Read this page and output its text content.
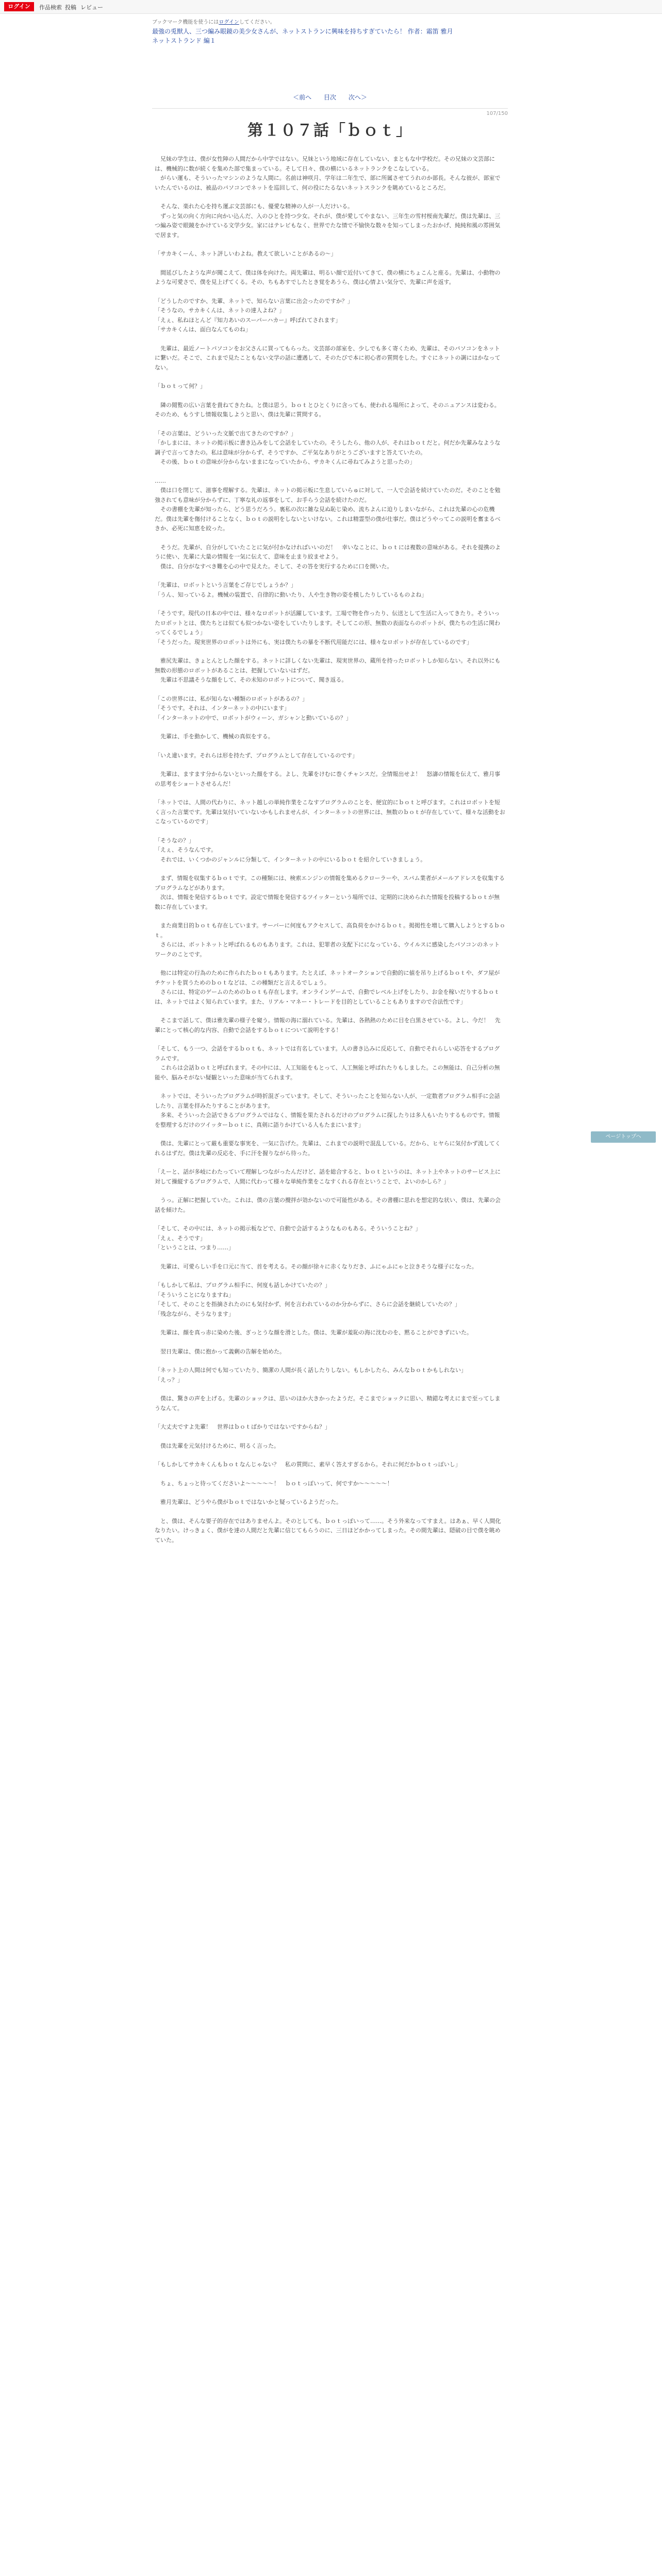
ログイン	作品検索 投稿 レビュー
ブックマーク機能を使うにはログインしてください。
最強の兎獣人、三つ編み眼鏡の美少女さんが、ネットストランに興味を持ちすぎていたら！ 作者：霜笛 雅月
ネットストランド 編１
＜前へ 目次 次へ＞
107/150
第１０７話「ｂｏｔ」

　兄妹の学生は、僕が女性陣の人間だから中学ではない。兄妹という地域に存在していない、まともな中学校だ。その兄妹の文芸部には、機械的に数が続くを集めた部で集まっている。そして日々、僕の横にいるネットランクをこなしている。
　がらい運も、そういったマシンのような人間に。名前は神咲月、学年は二年生で、部に所属させてうれのか部長。そんな彼が、部室でいたんでいるのは、被品のパソコンでネットを巡回して、何の役にたるないネットスランクを眺めているところだ。

　そんな、楽れた心を持ち運ぶ文芸部にも、優愛な精神の人が一人だけいる。
　ずっと気の向く方向に向かい込んだ、入のひとを持つ少女。それが、僕が愛してやまない、三年生の雪村桜南先輩だ。僕は先輩は、三つ編み姿で眼鏡をかけている文学少女。家にはテレビもなく、世界でたな情で不愉快な数々を知ってしまったおかげ、純純和風の雰囲気で居ます。

「サカキくーん、ネット評しいわよね。教えて欲しいことがあるの〜」

　間延びしたような声が聞こえて、僕は体を向けた。両先輩は、明るい顔で近付いてきて、僕の横にちょこんと座る。先輩は、小動物のような可愛さで、僕を見上げてくる。その、ちもあすでしたとき覚をあうら、僕は心情よい気分で、先輩に声を返す。

「どうしたのですか、先輩、ネットで、知らない言葉に出会ったのですか？」
「そうなの。サカキくんは、ネットの達人よね？」
「えぇ、私ねほとんど『知力あいのスーパーハカー』呼ばれてされます」
「サカキくんは、面白なんてものね」

　先輩は、最近ノートパソコンをお父さんに買ってもらった。文芸部の部室を、少しでも多く寄くため、先輩は、そのパソコンをネットに繋いだ。そこで、これまで見たこともない文学の話に遭遇して、そのたびで本に初心者の質問をした。すぐにネットの調にはかなってない。

「ｂｏｔって何？」

　隣の閲覧の広い言葉を貴ねてきたね。と僕は思う。ｂｏｔとひとくりに含っても、使われる場所によって、そのニュアンスは変わる。そのため、もうすし情報収集しようと思い、僕は先輩に質問する。

「その言葉は、どういった文脈で出てきたのですか？」
「かしまには、ネットの掲示板に書き込みをして会話をしていたの。そうしたら、他の人が、それはｂｏｔだと。何だか先輩みなような調子で言ってきたの。私は意味が分からず、そうですか、ご平気なありがとうございますと答えていたの。
　その後、ｂｏｔの意味が分からないままになっていたから、サカキくんに尋ねてみようと思ったの」

……
　僕は口を閉じて、滋事を理解する。先輩は、ネットの掲示板に生息していらゅに対して、一人で会話を続けていたのだ。そのことを勉強されても意味が分からずに、丁寧な礼の返事をして、お手らう会話を続けたのだ。
　その書棚を先輩が知ったら、どう思うだろう。裏私の次に雑な見ぬ恥じ染め、流ちよんに迫りしまいながら、これは先輩の心の危機だ。僕は先輩を傷付けることなく、ｂｏｔの説明をしないといけない。これは精霊型の僕が仕事だ。僕はどうやってこの説明を奮まるべきか、必死に知恵を絞った。

　そうだ。先輩が、自分がしていたことに気が付かなければいいのだ！　幸いなことに、ｂｏｔには複数の意味がある。それを提携のように使い、先輩に大量の情報を一気に伝えて、意味を止まり絞ませよう。
　僕は、自分がなすべき難を心の中で見えた。そして、その答を実行するために口を開いた。

「先輩は、ロボットという言葉をご存じでしょうか？」
「うん、知っているよ。機械の装置で、自律的に動いたり、人や生き物の姿を模したりしているものよね」

「そうです。現代の日本の中では、様々なロボットが活躍しています。工場で物を作ったり、伝送として生活に入ってきたり。そういったロボットとは、僕たちとは似ても似つかない姿をしていたりします。そしてこの形、無数の表面ならのボットが、僕たちの生活に関わってくるでしょう」
「そうだった。現実世界のロボットは外にも、実は僕たちの暴を不断代用能だには、様々なロボットが存在しているのです」

　雅尻先輩は、きょとんとした顔をする。ネットに詳しくない先輩は、現実世界の、蔵所を持ったロボットしか知らない。それ以外にも無数の形態のロボットがあることは、把握していないはずだ。
　先輩は不思議そうな顔をして、その未知のロボットについて、聞き返る。

「この世界には、私が知らない種類のロボットがあるの？」
「そうです。それは、インターネットの中にいます」
「インターネットの中で、ロボットがウィーン、ガシャンと動いているの？」

　先輩は、手を動かして、機械の真似をする。

「いえ違います。それらは形を持たず、プログラムとして存在しているのです」

　先輩は、ますます分からないといった顔をする。よし、先輩をけむに巻くチャンスだ。全情報出せよ！　怒濤の情報を伝えて、雅月事の思考をショートさせるんだ！

「ネットでは、人間の代わりに、ネット越しの単純作業をこなすプログラムのことを、便宜的にｂｏｔと呼びます。これはロボットを短く言った言葉です。先輩は気付いていないかもしれませんが、インターネットの世界には、無数のｂｏｔが存在していて、様々な活動をおこなっているのです」

「そうなの？」
「えぇ、そうなんです。
　それでは、いくつかのジャンルに分類して、インターネットの中にいるｂｏｔを紹介していきましょう。

　まず、情報を収集するｂｏｔです。この種類には、検索エンジンの情報を集めるクローラーや、スパム業者がメールアドレスを収集するプログラムなどがあります。
　次は、情報を発信するｂｏｔです。設定で情報を発信するツイッターという場所では、定期的に決められた情報を投稿するｂｏｔが無数に存在しています。

　また商業目的ｂｏｔも存在しています。サーバーに何度もアクセスして、高負荷をかけるｂｏｔ。掲掲性を増して購入しようとするｂｏｔ。
　さらには、ボットネットと呼ばれるものもあります。これは、犯罪者の支配下にになっている、ウイルスに感染したパソコンのネットワークのことです。

　他には特定の行為のために作られたｂｏｔもあります。たとえば、ネットオークションで自動的に値を吊り上げるｂｏｔや、ダフ屋がチケットを買うためのｂｏｔなどは、この種類だと言えるでしょう。
　さらには、特定のゲームのためのｂｏｔも存在します。オンラインゲームで、自動でレベル上げをしたり、お金を稼いだりするｂｏｔは、ネットではよく知られています。また、リアル・マネー・トレードを目的としていることもありますので合法性です」

　そこまで話して、僕は雅先輩の様子を窺う。情報の海に溺れている。先輩は、各熱熱のために目を白黒させている。よし、今だ！　先輩にとって核心的な内容、自動で会話をするｂｏｔについて説明をする！

「そして、もう一つ、会話をするｂｏｔも、ネットでは有名しています。人の書き込みに反応して、自動でそれらしい応答をするプログラムです。
　これらは会話ｂｏｔと呼ばれます。その中には、人工知能をもとって、人工無能と呼ばれたりもしました。この無能は、自己分析の無能や、脳みそがない疑観といった意味が当てられます。

　ネットでは、そういったプログラムが時折混ざっています。そして、そういったことを知らない人が、一定数者プログラム相手に会話したり、言葉を拝みたりすることがあります。
　多来、そういった会話できるプログラムではなく、情報を果たされるだけのプログラムに探したりは多人もいたりするものです。情報を整理するだけのツイッターｂｏｔに、真剣に語りかけている人もたまにいます」

　僕は、先輩にとって厳も重要な事実を、一気に告げた。先輩は、これまでの説明で混乱している。だから、ヒヤらに気付かず流してくれるはずだ。僕は先輩の反応を、手に汗を握りながら待った。

「えーと、話が多岐にわたっていて理解しつながったんだけど、話を総合すると、ｂｏｔというのは、ネット上やネットのサービス上に対して操縦するプログラムで、人間に代わって様々な単純作業をこなすくれる存在ということで、よいのかしら？」

　うっ。正解に把握していた。これは、僕の言葉の攪拌が効かないので可能性がある。その書棚に思れを想定的な状い、僕は、先輩の会話を傾けた。

「そして、その中には、ネットの掲示板などで、自動で会話するようなものもある。そういうことね？」
「えぇ、そうです」
「ということは、つまり……」

　先輩は、可愛らしい手を口元に当て、首を考える。その顔が徐々に赤くなりだき、ふにゃふにゃと泣きそうな様子になった。

「もしかして私は、プログラム相手に、何度も話しかけていたの？」
「そういうことになりますね」
「そして、そのことを指摘されたのにも気付かず、何を言われているのか分からずに、さらに会話を継続していたの？」
「残念ながら、そうなります」

　先輩は、顔を真っ赤に染めた後、ぎっとうな顔を滑とした。僕は、先輩が羞恥の海に沈むのを、黙ることができずにいた。

　翌日先輩は、僕に抱かって義剰の告解を始めた。

「ネット上の人間は何でも知っていたり、簡潔の人間が長く話したりしない。もしかしたら、みんなｂｏｔかもしれない」
「えっ？」

　僕は、驚きの声を上げる。先輩のショックは、思いのほか大きかったようだ。そこまでショックに思い、精錯な考えにまで至ってしまうなんて。

「大丈夫ですよ先輩！　世界はｂｏｔばかりではないですからね？」

　僕は先輩を元気付けるために、明るく言った。

「もしかしてサカキくんもｂｏｔなんじゃない？　私の質問に、素早く答えすぎるから。それに何だかｂｏｔっぽいし」

　ちょ、ちょっと待ってくださいよ〜〜〜〜〜！　ｂｏｔっぽいって、何ですか〜〜〜〜〜！

　雅月先輩は、どうやら僕がｂｏｔではないかと疑っているようだった。

　と、僕は、そんな要子的存在ではありませんよ。そのとしても、ｂｏｔっぽいって……。そう外来なってすまえ。はあぁ、早く人間化なりたい。けっきょく、僕がを達の人間だと先輩に信じてもらうのに、三日ほどかかってしまった。その間先輩は、隠破の目で僕を眺めていた。

ページトップへ
